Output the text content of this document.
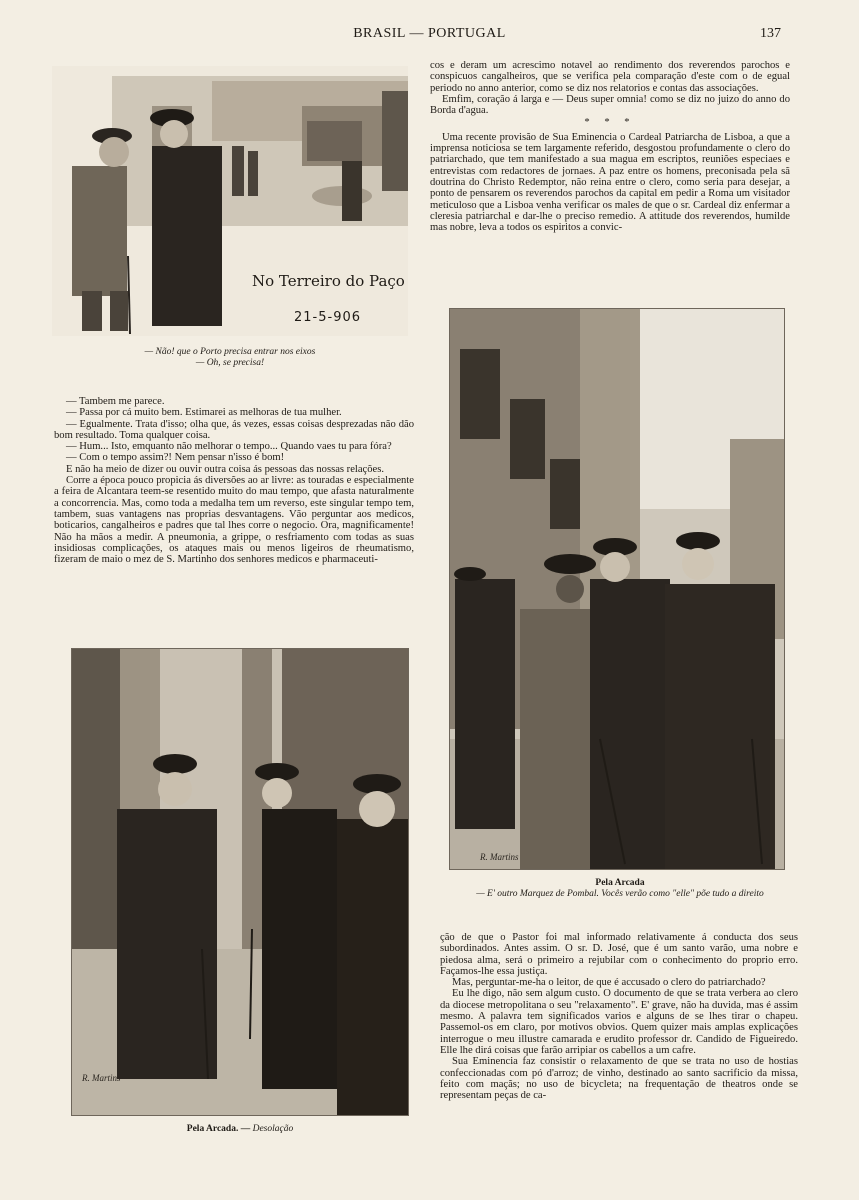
BRASIL — PORTUGAL	137
No Terreiro do Paço
21-5-906
— Não! que o Porto precisa entrar nos eixos
— Oh, se precisa!

cos e deram um acrescimo notavel ao rendimento dos reverendos parochos e conspicuos cangalheiros, que se verifica pela comparação d'este com o de egual periodo no anno anterior, como se diz nos relatorios e contas das associações.

Emfim, coração á larga e — Deus super omnia! como se diz no juizo do anno do Borda d'agua.

* * *

Uma recente provisão de Sua Eminencia o Cardeal Patriarcha de Lisboa, a que a imprensa noticiosa se tem largamente referido, desgostou profundamente o clero do patriarchado, que tem manifestado a sua magua em escriptos, reuniões especiaes e entrevistas com redactores de jornaes. A paz entre os homens, preconisada pela sã doutrina do Christo Redemptor, não reina entre o clero, como seria para desejar, a ponto de pensarem os reverendos parochos da capital em pedir a Roma um visitador meticuloso que a Lisboa venha verificar os males de que o sr. Cardeal diz enfermar a cleresia patriarchal e dar-lhe o preciso remedio. A attitude dos reverendos, humilde mas nobre, leva a todos os espiritos a convic-

— Tambem me parece.

— Passa por cá muito bem. Estimarei as melhoras de tua mulher.

— Egualmente. Trata d'isso; olha que, ás vezes, essas coisas desprezadas não dão bom resultado. Toma qualquer coisa.

— Hum... Isto, emquanto não melhorar o tempo... Quando vaes tu para fóra?

— Com o tempo assim?! Nem pensar n'isso é bom!

E não ha meio de dizer ou ouvir outra coisa ás pessoas das nossas relações.

Corre a época pouco propicia ás diversões ao ar livre: as touradas e especialmente a feira de Alcantara teem-se resentido muito do mau tempo, que afasta naturalmente a concorrencia. Mas, como toda a medalha tem um reverso, este singular tempo tem, tambem, suas vantagens nas proprias desvantagens. Vão perguntar aos medicos, boticarios, cangalheiros e padres que tal lhes corre o negocio. Ora, magnificamente! Não ha mãos a medir. A pneumonia, a grippe, o resfriamento com todas as suas insidiosas complicações, os ataques mais ou menos ligeiros de rheumatismo, fizeram de maio o mez de S. Martinho dos senhores medicos e pharmaceuti-

R. Martins
Pela Arcada
— E' outro Marquez de Pombal. Vocês verão como "elle" põe tudo a direito
R. Martins
Pela Arcada. — Desolação

ção de que o Pastor foi mal informado relativamente á conducta dos seus subordinados. Antes assim. O sr. D. José, que é um santo varão, uma nobre e piedosa alma, será o primeiro a rejubilar com o conhecimento do proprio erro. Façamos-lhe essa justiça.

Mas, perguntar-me-ha o leitor, de que é accusado o clero do patriarchado?

Eu lhe digo, não sem algum custo. O documento de que se trata verbera ao clero da diocese metropolitana o seu "relaxamento". E' grave, não ha duvida, mas é assim mesmo. A palavra tem significados varios e alguns de se lhes tirar o chapeu. Passemol-os em claro, por motivos obvios. Quem quizer mais amplas explicações interrogue o meu illustre camarada e erudito professor dr. Candido de Figueiredo. Elle lhe dirá coisas que farão arripiar os cabellos a um cafre.

Sua Eminencia faz consistir o relaxamento de que se trata no uso de hostias confeccionadas com pó d'arroz; de vinho, destinado ao santo sacrificio da missa, feito com maçãs; no uso de bicycleta; na frequentação de theatros onde se representam peças de ca-
